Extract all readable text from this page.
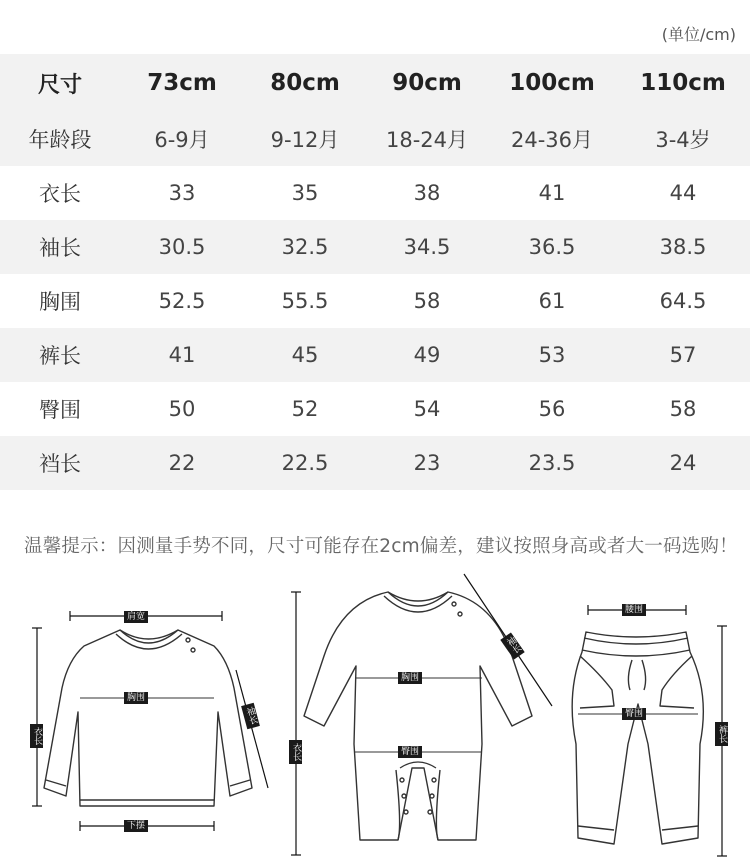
(单位/cm)
尺寸	73cm	80cm	90cm	100cm	110cm
年龄段	6-9月	9-12月	18-24月	24-36月	3-4岁
衣长	33	35	38	41	44
袖长	30.5	32.5	34.5	36.5	38.5
胸围	52.5	55.5	58	61	64.5
裤长	41	45	49	53	57
臀围	50	52	54	56	58
裆长	22	22.5	23	23.5	24
温馨提示：因测量手势不同，尺寸可能存在2cm偏差，建议按照身高或者大一码选购！
肩宽
胸围
袖长
衣长
下摆
胸围
臀围
袖长
衣长
腰围
臀围
裤长
